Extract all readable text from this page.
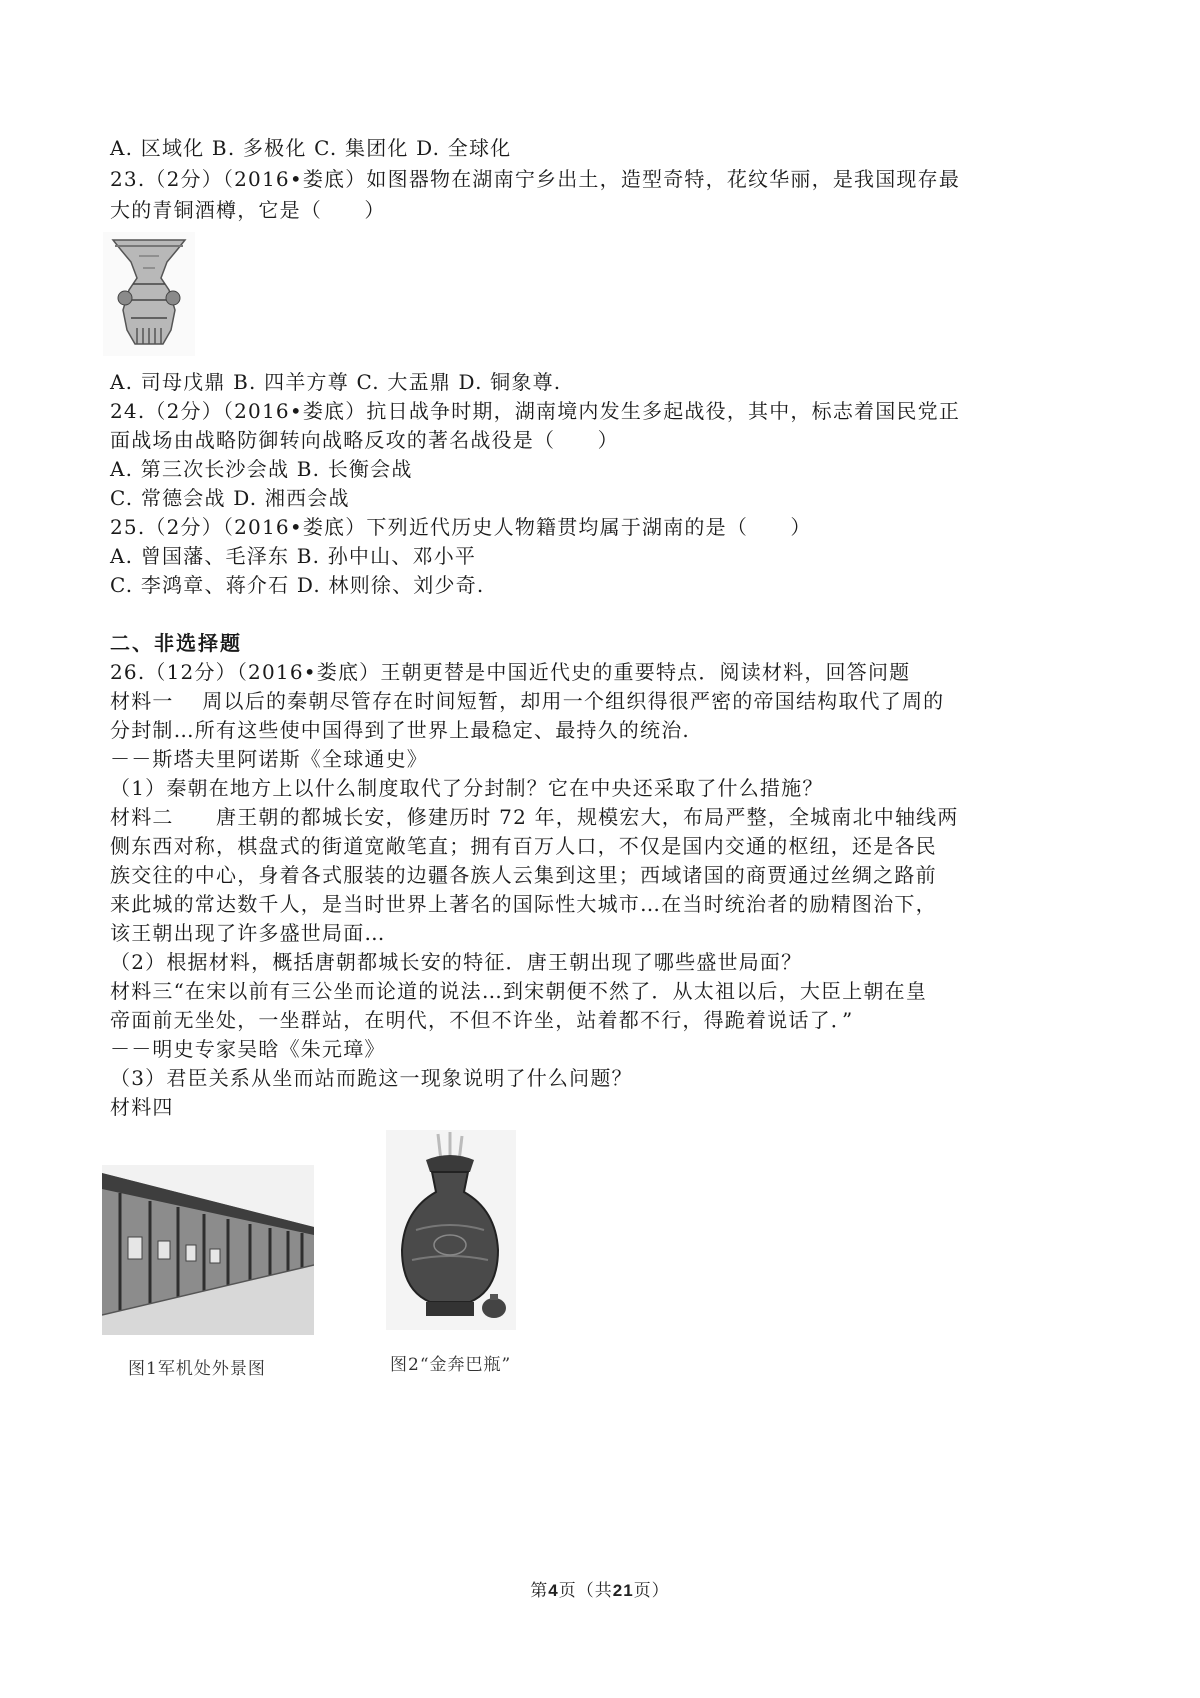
A. 区域化 B. 多极化 C. 集团化 D. 全球化
23.（2分）（2016•娄底）如图器物在湖南宁乡出土，造型奇特，花纹华丽，是我国现存最
大的青铜酒樽，它是（　　）
A. 司母戊鼎 B. 四羊方尊 C. 大盂鼎 D. 铜象尊.
24.（2分）（2016•娄底）抗日战争时期，湖南境内发生多起战役，其中，标志着国民党正
面战场由战略防御转向战略反攻的著名战役是（　　）
A. 第三次长沙会战 B. 长衡会战
C. 常德会战 D. 湘西会战
25.（2分）（2016•娄底）下列近代历史人物籍贯均属于湖南的是（　　）
A. 曾国藩、毛泽东 B. 孙中山、邓小平
C. 李鸿章、蒋介石 D. 林则徐、刘少奇.
二、非选择题
26.（12分）（2016•娄底）王朝更替是中国近代史的重要特点．阅读材料，回答问题
材料一　 周以后的秦朝尽管存在时间短暂，却用一个组织得很严密的帝国结构取代了周的
分封制…所有这些使中国得到了世界上最稳定、最持久的统治.
－－斯塔夫里阿诺斯《全球通史》
（1）秦朝在地方上以什么制度取代了分封制？它在中央还采取了什么措施？
材料二　　唐王朝的都城长安，修建历时 72 年，规模宏大，布局严整，全城南北中轴线两
侧东西对称，棋盘式的街道宽敞笔直；拥有百万人口，不仅是国内交通的枢纽，还是各民
族交往的中心，身着各式服装的边疆各族人云集到这里；西域诸国的商贾通过丝绸之路前
来此城的常达数千人，是当时世界上著名的国际性大城市…在当时统治者的励精图治下，
该王朝出现了许多盛世局面…
（2）根据材料，概括唐朝都城长安的特征．唐王朝出现了哪些盛世局面？
材料三“在宋以前有三公坐而论道的说法…到宋朝便不然了．从太祖以后，大臣上朝在皇
帝面前无坐处，一坐群站，在明代，不但不许坐，站着都不行，得跪着说话了．”
－－明史专家吴晗《朱元璋》
（3）君臣关系从坐而站而跪这一现象说明了什么问题？
材料四
图1军机处外景图	图2“金奔巴瓶”
第4页（共21页）
